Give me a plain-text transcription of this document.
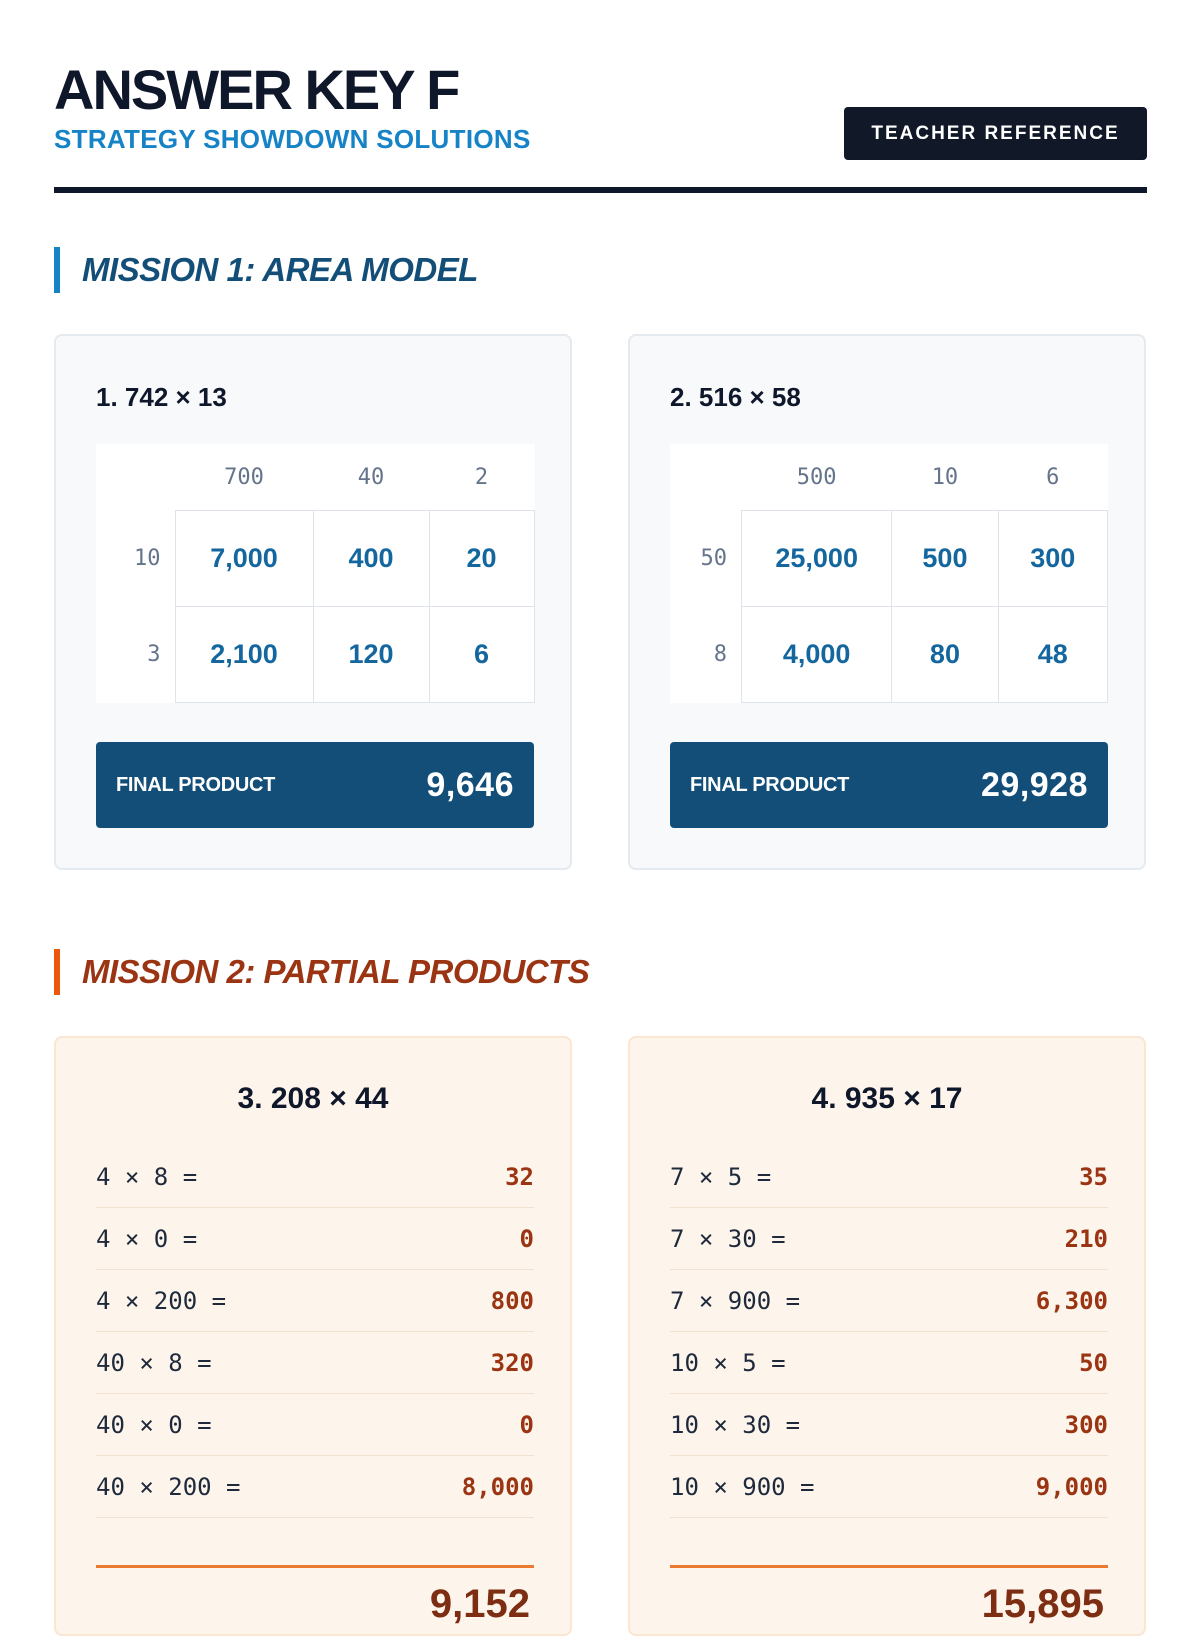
ANSWER KEY F
STRATEGY SHOWDOWN SOLUTIONS	TEACHER REFERENCE
MISSION 1: AREA MODEL
1. 742 × 13
	700	40	2
10	7,000	400	20
3	2,100	120	6
FINAL PRODUCT	9,646
2. 516 × 58
	500	10	6
50	25,000	500	300
8	4,000	80	48
FINAL PRODUCT	29,928
MISSION 2: PARTIAL PRODUCTS
3. 208 × 44
4 × 8 =	32
4 × 0 =	0
4 × 200 =	800
40 × 8 =	320
40 × 0 =	0
40 × 200 =	8,000
9,152
4. 935 × 17
7 × 5 =	35
7 × 30 =	210
7 × 900 =	6,300
10 × 5 =	50
10 × 30 =	300
10 × 900 =	9,000
15,895
